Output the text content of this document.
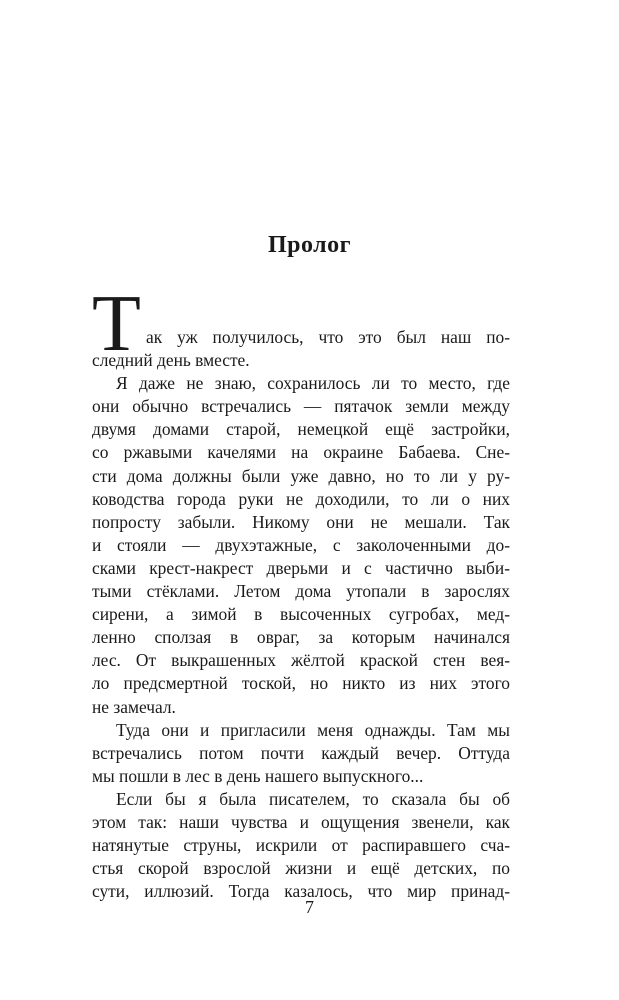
Пролог
Т ак уж получилось, что это был наш по-
следний день вместе.
Я даже не знаю, сохранилось ли то место, где
они обычно встречались — пятачок земли между
двумя домами старой, немецкой ещё застройки,
со ржавыми качелями на окраине Бабаева. Сне-
сти дома должны были уже давно, но то ли у ру-
ководства города руки не доходили, то ли о них
попросту забыли. Никому они не мешали. Так
и стояли — двухэтажные, с заколоченными до-
сками крест-накрест дверьми и с частично выби-
тыми стёклами. Летом дома утопали в зарослях
сирени, а зимой в высоченных сугробах, мед-
ленно сползая в овраг, за которым начинался
лес. От выкрашенных жёлтой краской стен вея-
ло предсмертной тоской, но никто из них этого
не замечал.
Туда они и пригласили меня однажды. Там мы
встречались потом почти каждый вечер. Оттуда
мы пошли в лес в день нашего выпускного...
Если бы я была писателем, то сказала бы об
этом так: наши чувства и ощущения звенели, как
натянутые струны, искрили от распиравшего сча-
стья скорой взрослой жизни и ещё детских, по
сути, иллюзий. Тогда казалось, что мир принад-
7
